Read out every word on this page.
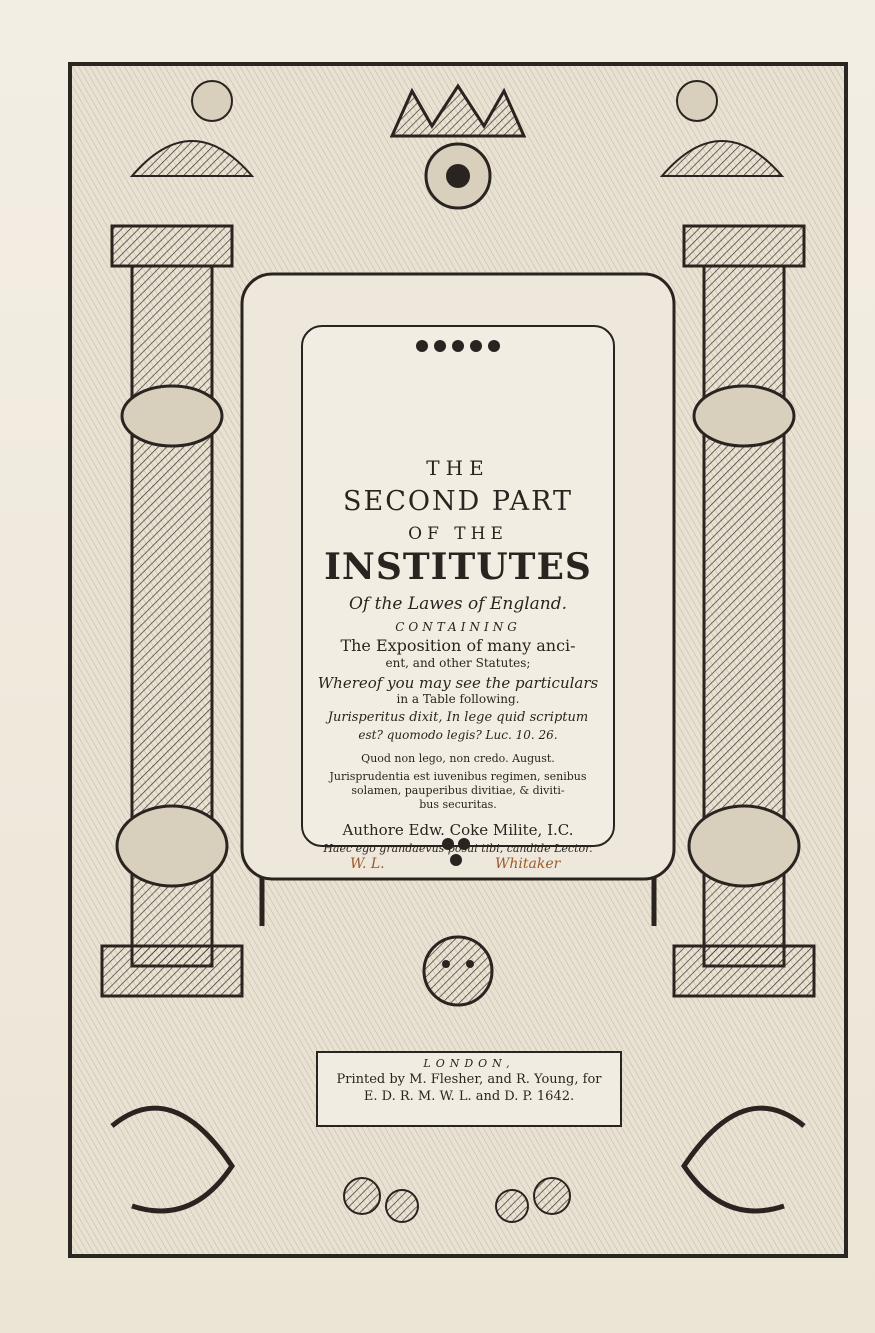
THE
SECOND PART
OF THE
INSTITUTES
Of the Lawes of England.
CONTAINING
The Exposition of many anci-
ent, and other Statutes;
Whereof you may see the particulars
in a Table following.
Jurisperitus dixit, In lege quid scriptum
est? quomodo legis? Luc. 10. 26.
Quod non lego, non credo. August.
Jurisprudentia est iuvenibus regimen, senibus
solamen, pauperibus divitiae, & diviti-
bus securitas.
Authore Edw. Coke Milite, I.C.
Haec ego grandaevus posui tibi, candide Lector.
W. L.	Whitaker
LONDON,
Printed by M. Flesher, and R. Young, for
E. D. R. M. W. L. and D. P. 1642.
